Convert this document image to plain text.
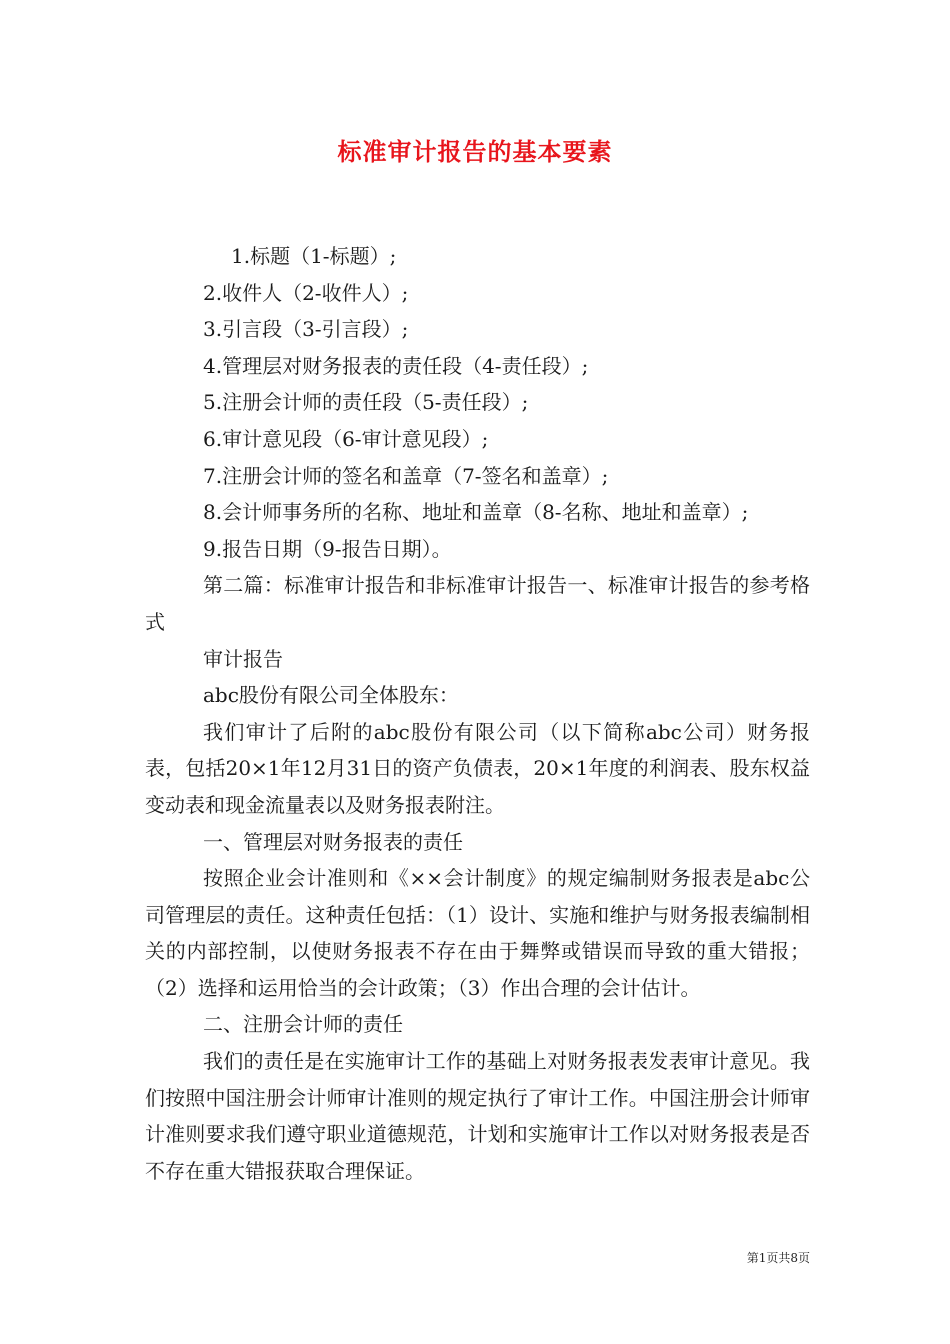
标准审计报告的基本要素

1.标题（1-标题）;

2.收件人（2-收件人）;

3.引言段（3-引言段）;

4.管理层对财务报表的责任段（4-责任段）;

5.注册会计师的责任段（5-责任段）;

6.审计意见段（6-审计意见段）;

7.注册会计师的签名和盖章（7-签名和盖章）;

8.会计师事务所的名称、地址和盖章（8-名称、地址和盖章）;

9.报告日期（9-报告日期）。

第二篇：标准审计报告和非标准审计报告一、标准审计报告的参考格式

审计报告

abc股份有限公司全体股东：

我们审计了后附的abc股份有限公司（以下简称abc公司）财务报表，包括20×1年12月31日的资产负债表，20×1年度的利润表、股东权益变动表和现金流量表以及财务报表附注。

一、管理层对财务报表的责任

按照企业会计准则和《××会计制度》的规定编制财务报表是abc公司管理层的责任。这种责任包括：（1）设计、实施和维护与财务报表编制相关的内部控制，以使财务报表不存在由于舞弊或错误而导致的重大错报；（2）选择和运用恰当的会计政策；（3）作出合理的会计估计。

二、注册会计师的责任

我们的责任是在实施审计工作的基础上对财务报表发表审计意见。我们按照中国注册会计师审计准则的规定执行了审计工作。中国注册会计师审计准则要求我们遵守职业道德规范，计划和实施审计工作以对财务报表是否不存在重大错报获取合理保证。

第1页共8页
